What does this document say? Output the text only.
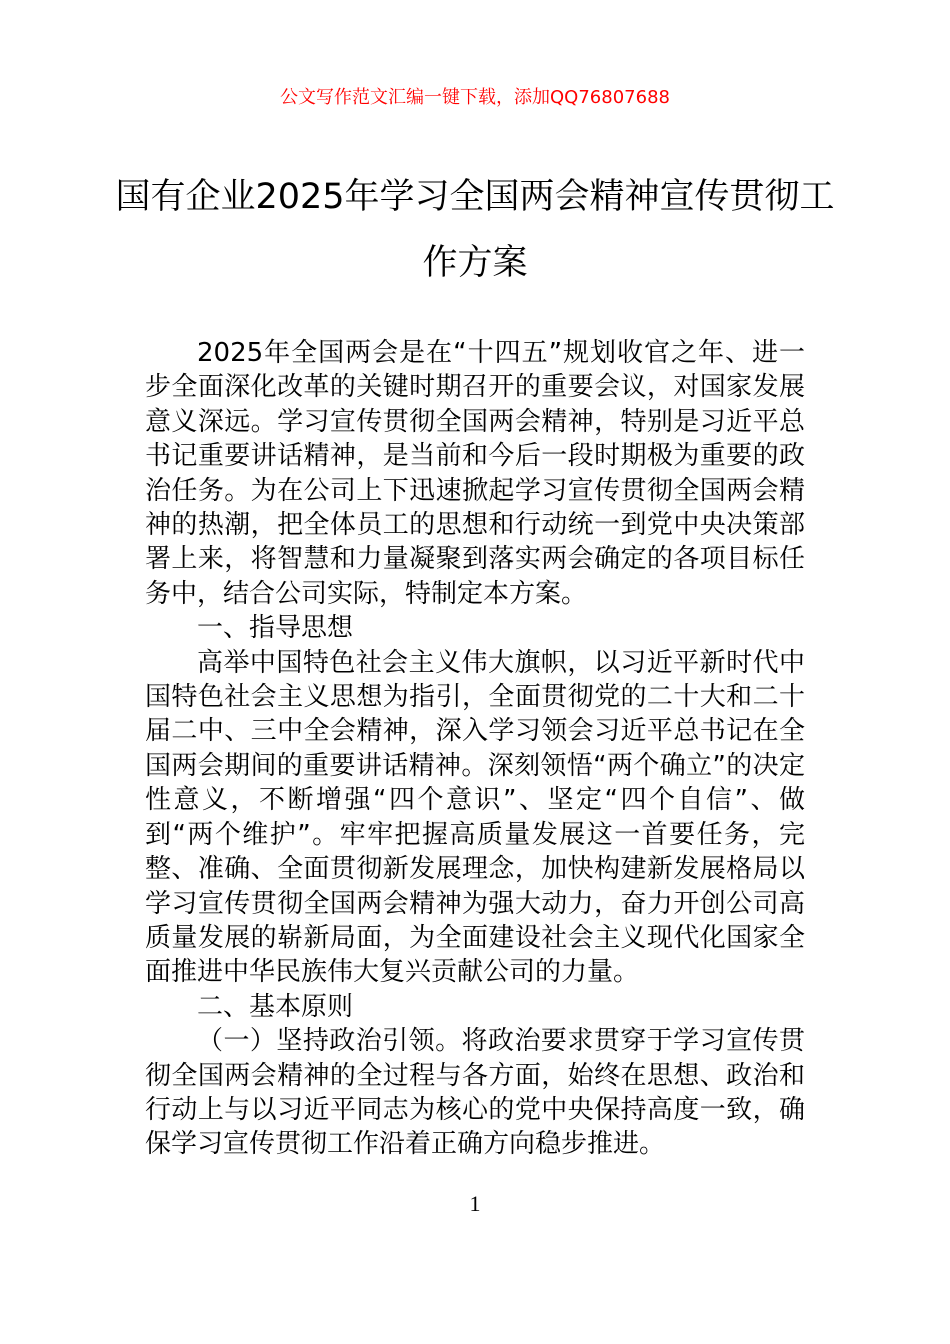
公文写作范文汇编一键下载，添加QQ76807688
国有企业2025年学习全国两会精神宣传贯彻工作方案

2025年全国两会是在“十四五”规划收官之年、进一步全面深化改革的关键时期召开的重要会议，对国家发展意义深远。学习宣传贯彻全国两会精神，特别是习近平总书记重要讲话精神，是当前和今后一段时期极为重要的政治任务。为在公司上下迅速掀起学习宣传贯彻全国两会精神的热潮，把全体员工的思想和行动统一到党中央决策部署上来，将智慧和力量凝聚到落实两会确定的各项目标任务中，结合公司实际，特制定本方案。

一、指导思想

高举中国特色社会主义伟大旗帜，以习近平新时代中国特色社会主义思想为指引，全面贯彻党的二十大和二十届二中、三中全会精神，深入学习领会习近平总书记在全国两会期间的重要讲话精神。深刻领悟“两个确立”的决定性意义，不断增强“四个意识”、坚定“四个自信”、做到“两个维护”。牢牢把握高质量发展这一首要任务，完整、准确、全面贯彻新发展理念，加快构建新发展格局以学习宣传贯彻全国两会精神为强大动力，奋力开创公司高质量发展的崭新局面，为全面建设社会主义现代化国家全面推进中华民族伟大复兴贡献公司的力量。

二、基本原则

（一）坚持政治引领。将政治要求贯穿于学习宣传贯彻全国两会精神的全过程与各方面，始终在思想、政治和行动上与以习近平同志为核心的党中央保持高度一致，确保学习宣传贯彻工作沿着正确方向稳步推进。

1
